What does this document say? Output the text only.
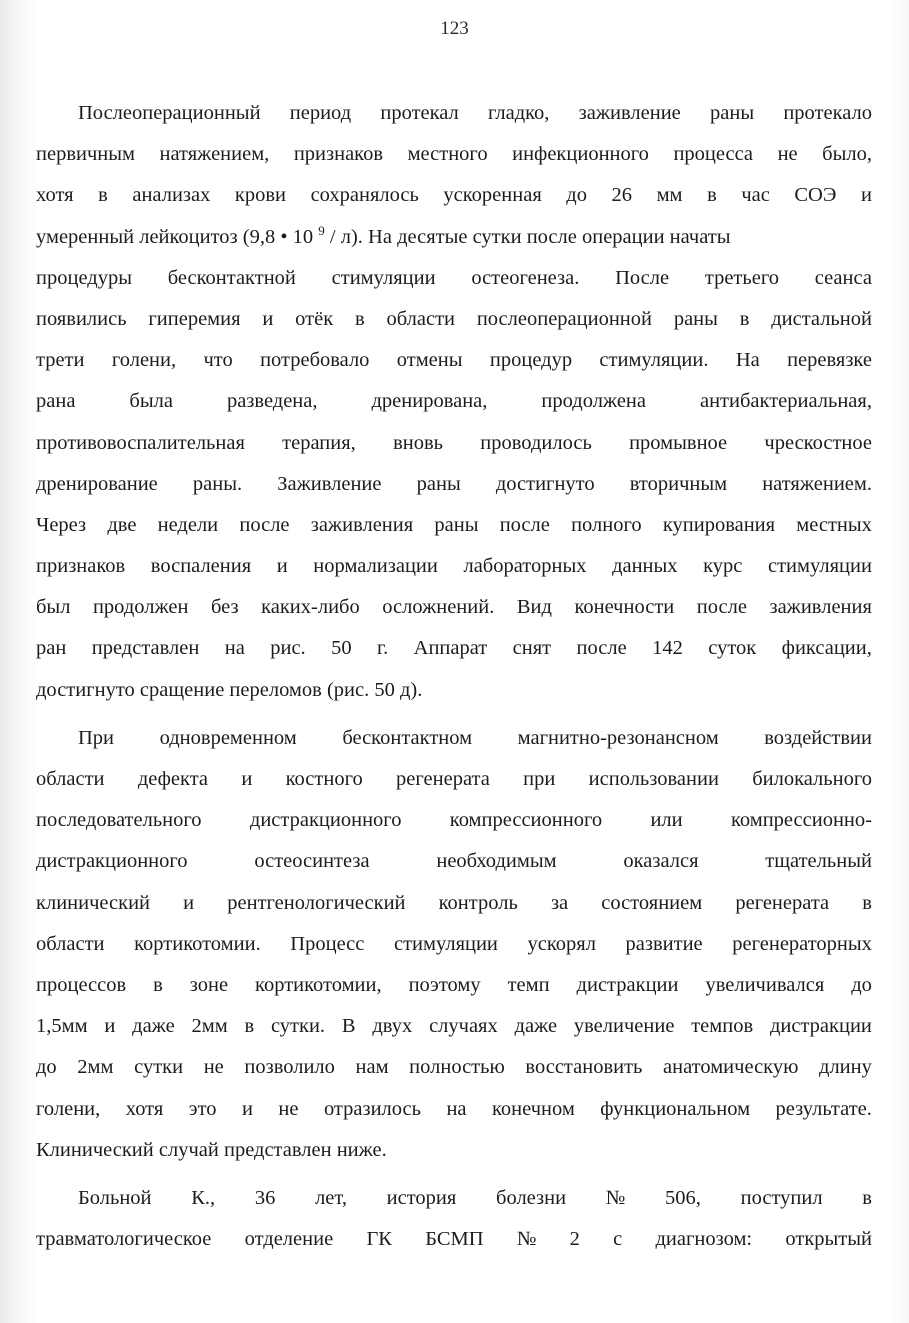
123
Послеоперационный период протекал гладко, заживление раны протекало
первичным натяжением, признаков местного инфекционного процесса не было,
хотя в анализах крови сохранялось ускоренная до 26 мм в час СОЭ и
умеренный лейкоцитоз (9,8 • 10 $^9$ / л). На десятые сутки после операции начаты
процедуры бесконтактной стимуляции остеогенеза. После третьего сеанса
появились гиперемия и отёк в области послеоперационной раны в дистальной
трети голени, что потребовало отмены процедур стимуляции. На перевязке
рана	была	разведена,	дренирована,	продолжена	антибактериальная,
противовоспалительная терапия, вновь проводилось промывное чрескостное
дренирование раны. Заживление раны достигнуто вторичным натяжением.
Через две недели после заживления раны после полного купирования местных
признаков воспаления и нормализации лабораторных данных курс стимуляции
был продолжен без каких-либо осложнений. Вид конечности после заживления
ран представлен на рис. 50 г. Аппарат снят после 142 суток фиксации,
достигнуто сращение переломов (рис. 50 д).
При одновременном бесконтактном магнитно-резонансном воздействии
области дефекта и костного регенерата при использовании билокального
последовательного дистракционного компрессионного или компрессионно-
дистракционного	остеосинтеза	необходимым	оказался	тщательный
клинический и рентгенологический контроль за состоянием регенерата в
области кортикотомии. Процесс стимуляции ускорял развитие регенераторных
процессов в зоне кортикотомии, поэтому темп дистракции увеличивался до
1,5мм и даже 2мм в сутки. В двух случаях даже увеличение темпов дистракции
до 2мм сутки не позволило нам полностью восстановить анатомическую длину
голени, хотя это и не отразилось на конечном функциональном результате.
Клинический случай представлен ниже.
Больной К., 36 лет, история болезни № 506, поступил в
травматологическое отделение ГК БСМП № 2 с диагнозом: открытый
